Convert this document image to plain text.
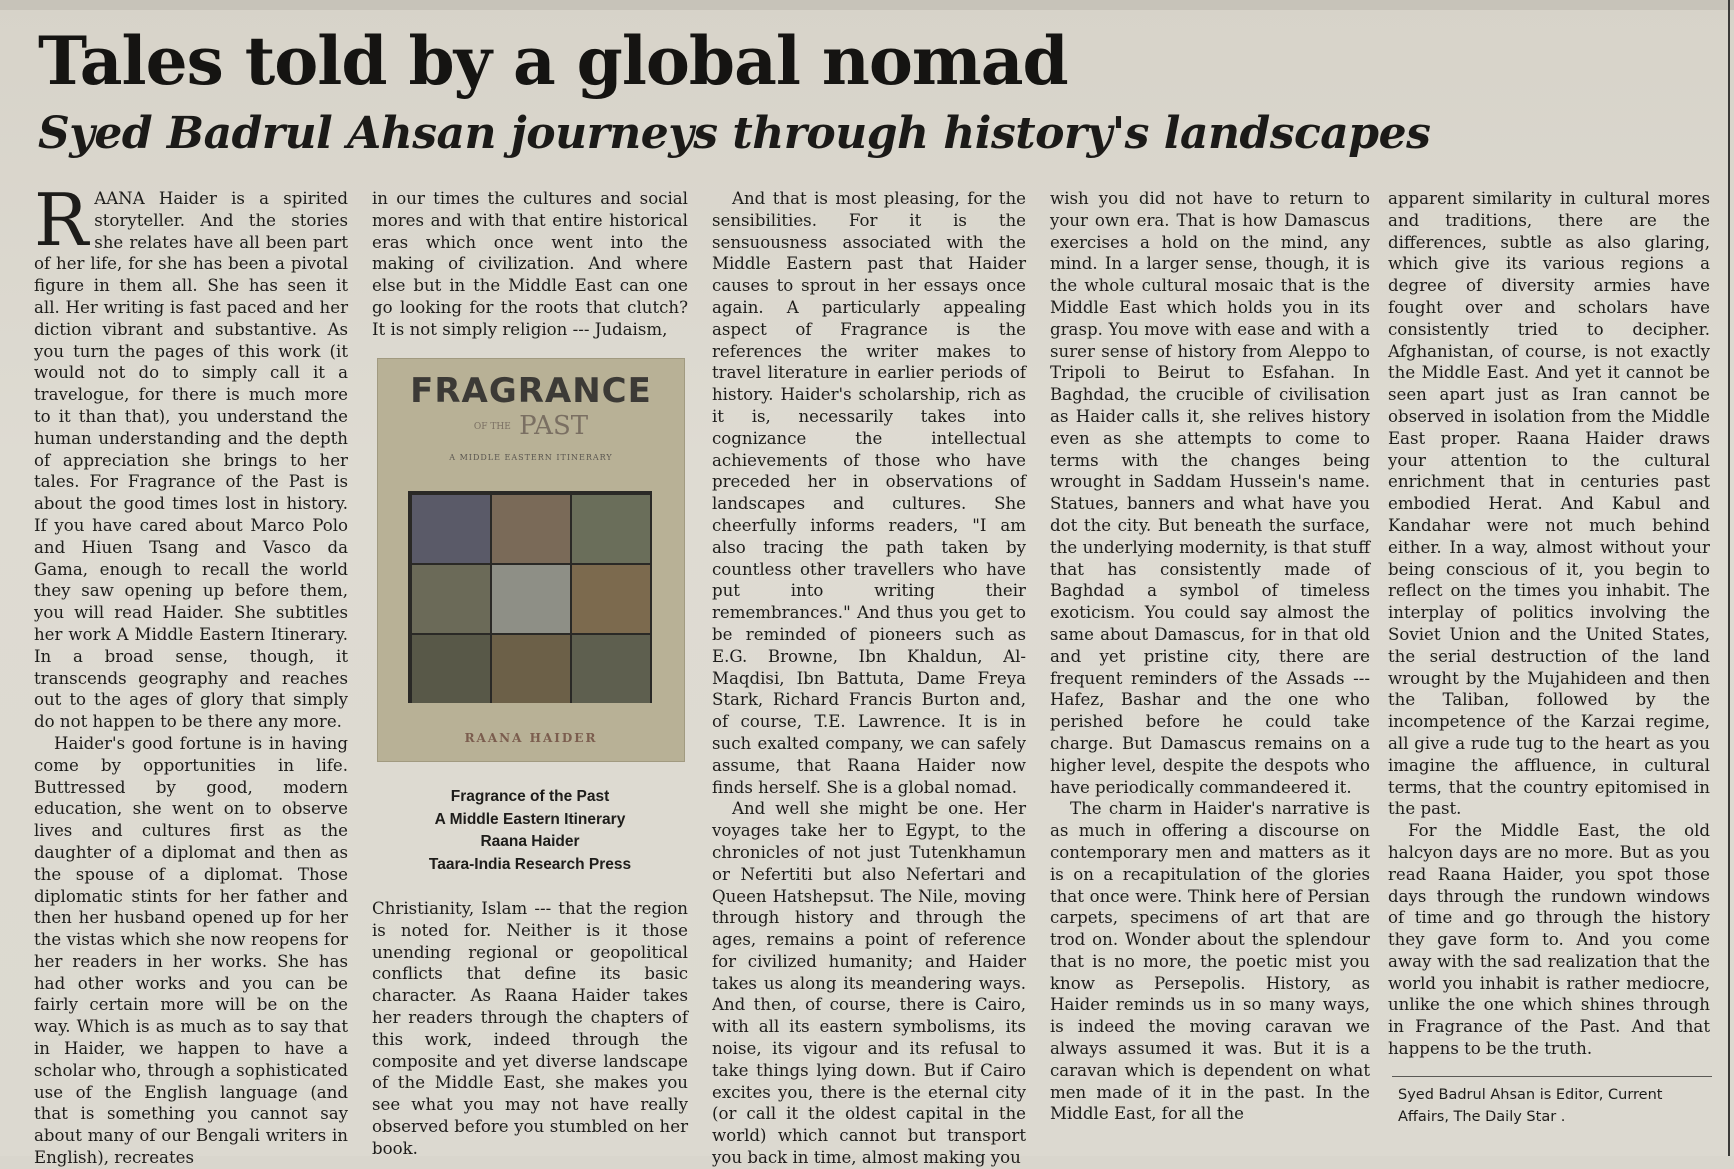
Tales told by a global nomad
Syed Badrul Ahsan journeys through history's landscapes

RAANA Haider is a spirited storyteller. And the stories she relates have all been part of her life, for she has been a pivotal figure in them all. She has seen it all. Her writing is fast paced and her diction vibrant and substantive. As you turn the pages of this work (it would not do to simply call it a travelogue, for there is much more to it than that), you understand the human understanding and the depth of appreciation she brings to her tales. For Fragrance of the Past is about the good times lost in history. If you have cared about Marco Polo and Hiuen Tsang and Vasco da Gama, enough to recall the world they saw opening up before them, you will read Haider. She subtitles her work A Middle Eastern Itinerary. In a broad sense, though, it transcends geography and reaches out to the ages of glory that simply do not happen to be there any more.

Haider's good fortune is in having come by opportunities in life. Buttressed by good, modern education, she went on to observe lives and cultures first as the daughter of a diplomat and then as the spouse of a diplomat. Those diplomatic stints for her father and then her husband opened up for her the vistas which she now reopens for her readers in her works. She has had other works and you can be fairly certain more will be on the way. Which is as much as to say that in Haider, we happen to have a scholar who, through a sophisticated use of the English language (and that is something you cannot say about many of our Bengali writers in English), recreates

in our times the cultures and social mores and with that entire historical eras which once went into the making of civilization. And where else but in the Middle East can one go looking for the roots that clutch? It is not simply religion --- Judaism,

FRAGRANCE
OF THE PAST
A MIDDLE EASTERN ITINERARY
RAANA HAIDER
Fragrance of the Past
A Middle Eastern Itinerary
Raana Haider
Taara-India Research Press

Christianity, Islam --- that the region is noted for. Neither is it those unending regional or geopolitical conflicts that define its basic character. As Raana Haider takes her readers through the chapters of this work, indeed through the composite and yet diverse landscape of the Middle East, she makes you see what you may not have really observed before you stumbled on her book.

And that is most pleasing, for the sensibilities. For it is the sensuousness associated with the Middle Eastern past that Haider causes to sprout in her essays once again. A particularly appealing aspect of Fragrance is the references the writer makes to travel literature in earlier periods of history. Haider's scholarship, rich as it is, necessarily takes into cognizance the intellectual achievements of those who have preceded her in observations of landscapes and cultures. She cheerfully informs readers, "I am also tracing the path taken by countless other travellers who have put into writing their remembrances." And thus you get to be reminded of pioneers such as E.G. Browne, Ibn Khaldun, Al-Maqdisi, Ibn Battuta, Dame Freya Stark, Richard Francis Burton and, of course, T.E. Lawrence. It is in such exalted company, we can safely assume, that Raana Haider now finds herself. She is a global nomad.

And well she might be one. Her voyages take her to Egypt, to the chronicles of not just Tutenkhamun or Nefertiti but also Nefertari and Queen Hatshepsut. The Nile, moving through history and through the ages, remains a point of reference for civilized humanity; and Haider takes us along its meandering ways. And then, of course, there is Cairo, with all its eastern symbolisms, its noise, its vigour and its refusal to take things lying down. But if Cairo excites you, there is the eternal city (or call it the oldest capital in the world) which cannot but transport you back in time, almost making you

wish you did not have to return to your own era. That is how Damascus exercises a hold on the mind, any mind. In a larger sense, though, it is the whole cultural mosaic that is the Middle East which holds you in its grasp. You move with ease and with a surer sense of history from Aleppo to Tripoli to Beirut to Esfahan. In Baghdad, the crucible of civilisation as Haider calls it, she relives history even as she attempts to come to terms with the changes being wrought in Saddam Hussein's name. Statues, banners and what have you dot the city. But beneath the surface, the underlying modernity, is that stuff that has consistently made of Baghdad a symbol of timeless exoticism. You could say almost the same about Damascus, for in that old and yet pristine city, there are frequent reminders of the Assads --- Hafez, Bashar and the one who perished before he could take charge. But Damascus remains on a higher level, despite the despots who have periodically commandeered it.

The charm in Haider's narrative is as much in offering a discourse on contemporary men and matters as it is on a recapitulation of the glories that once were. Think here of Persian carpets, specimens of art that are trod on. Wonder about the splendour that is no more, the poetic mist you know as Persepolis. History, as Haider reminds us in so many ways, is indeed the moving caravan we always assumed it was. But it is a caravan which is dependent on what men made of it in the past. In the Middle East, for all the

apparent similarity in cultural mores and traditions, there are the differences, subtle as also glaring, which give its various regions a degree of diversity armies have fought over and scholars have consistently tried to decipher. Afghanistan, of course, is not exactly the Middle East. And yet it cannot be seen apart just as Iran cannot be observed in isolation from the Middle East proper. Raana Haider draws your attention to the cultural enrichment that in centuries past embodied Herat. And Kabul and Kandahar were not much behind either. In a way, almost without your being conscious of it, you begin to reflect on the times you inhabit. The interplay of politics involving the Soviet Union and the United States, the serial destruction of the land wrought by the Mujahideen and then the Taliban, followed by the incompetence of the Karzai regime, all give a rude tug to the heart as you imagine the affluence, in cultural terms, that the country epitomised in the past.

For the Middle East, the old halcyon days are no more. But as you read Raana Haider, you spot those days through the rundown windows of time and go through the history they gave form to. And you come away with the sad realization that the world you inhabit is rather mediocre, unlike the one which shines through in Fragrance of the Past. And that happens to be the truth.

Syed Badrul Ahsan is Editor, Current Affairs, The Daily Star .
